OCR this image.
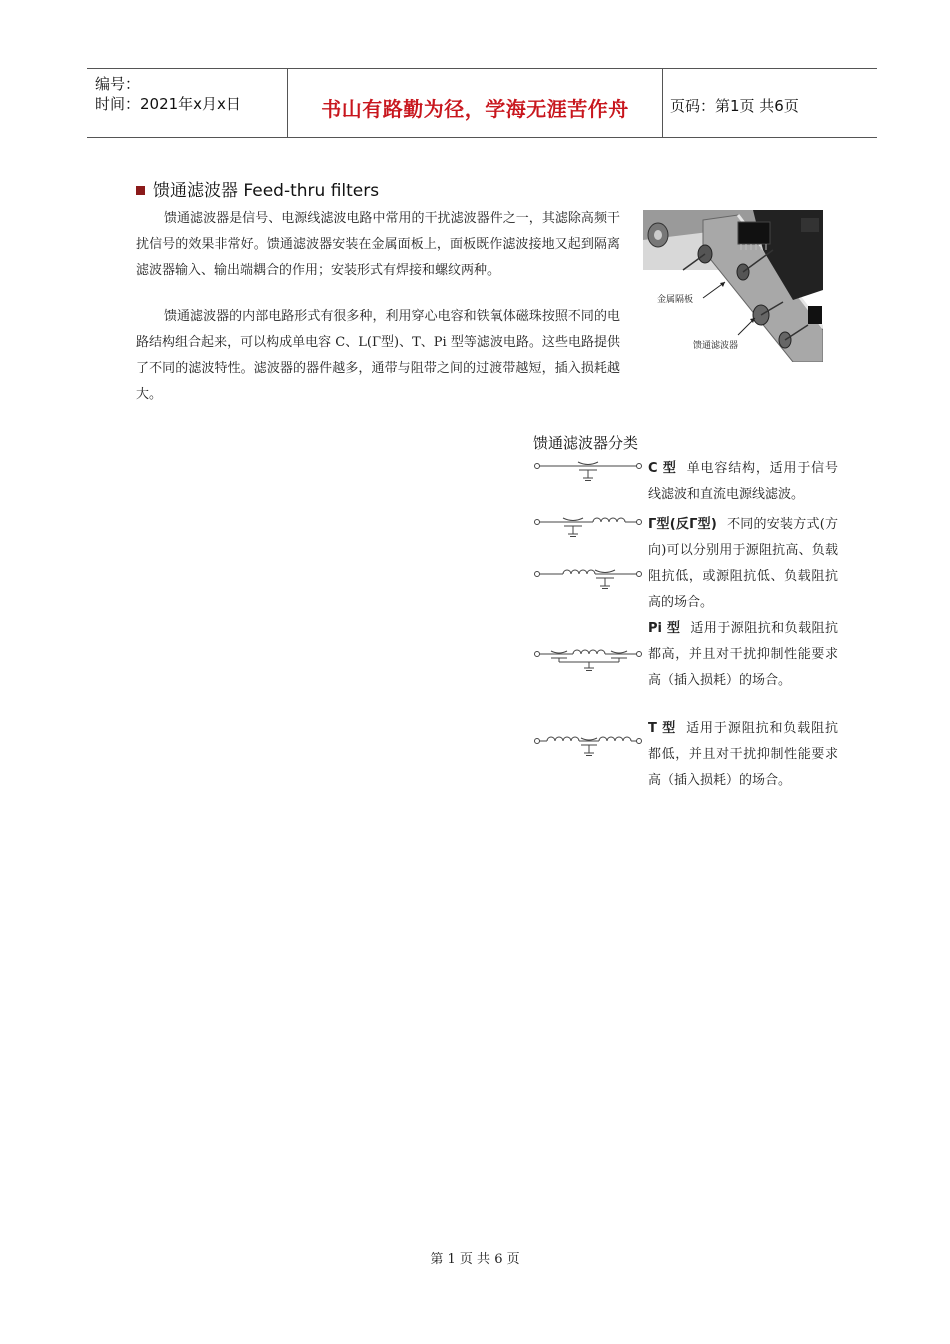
编号：
时间：2021年x月x日	书山有路勤为径，学海无涯苦作舟	页码：第1页 共6页
馈通滤波器 Feed-thru filters
馈通滤波器是信号、电源线滤波电路中常用的干扰滤波器件之一，其滤除高频干扰信号的效果非常好。馈通滤波器安装在金属面板上，面板既作滤波接地又起到隔离滤波器输入、输出端耦合的作用；安装形式有焊接和螺纹两种。
馈通滤波器的内部电路形式有很多种，利用穿心电容和铁氧体磁珠按照不同的电路结构组合起来，可以构成单电容 C、L(Γ型)、T、Pi 型等滤波电路。这些电路提供了不同的滤波特性。滤波器的器件越多，通带与阻带之间的过渡带越短，插入损耗越大。
金属隔板
馈通滤波器
馈通滤波器分类
C 型 单电容结构，适用于信号线滤波和直流电源线滤波。
Γ型(反Γ型) 不同的安装方式(方向)可以分别用于源阻抗高、负载阻抗低，或源阻抗低、负载阻抗高的场合。
Pi 型 适用于源阻抗和负载阻抗都高，并且对干扰抑制性能要求高（插入损耗）的场合。
T 型 适用于源阻抗和负载阻抗都低，并且对干扰抑制性能要求高（插入损耗）的场合。
第 1 页 共 6 页
